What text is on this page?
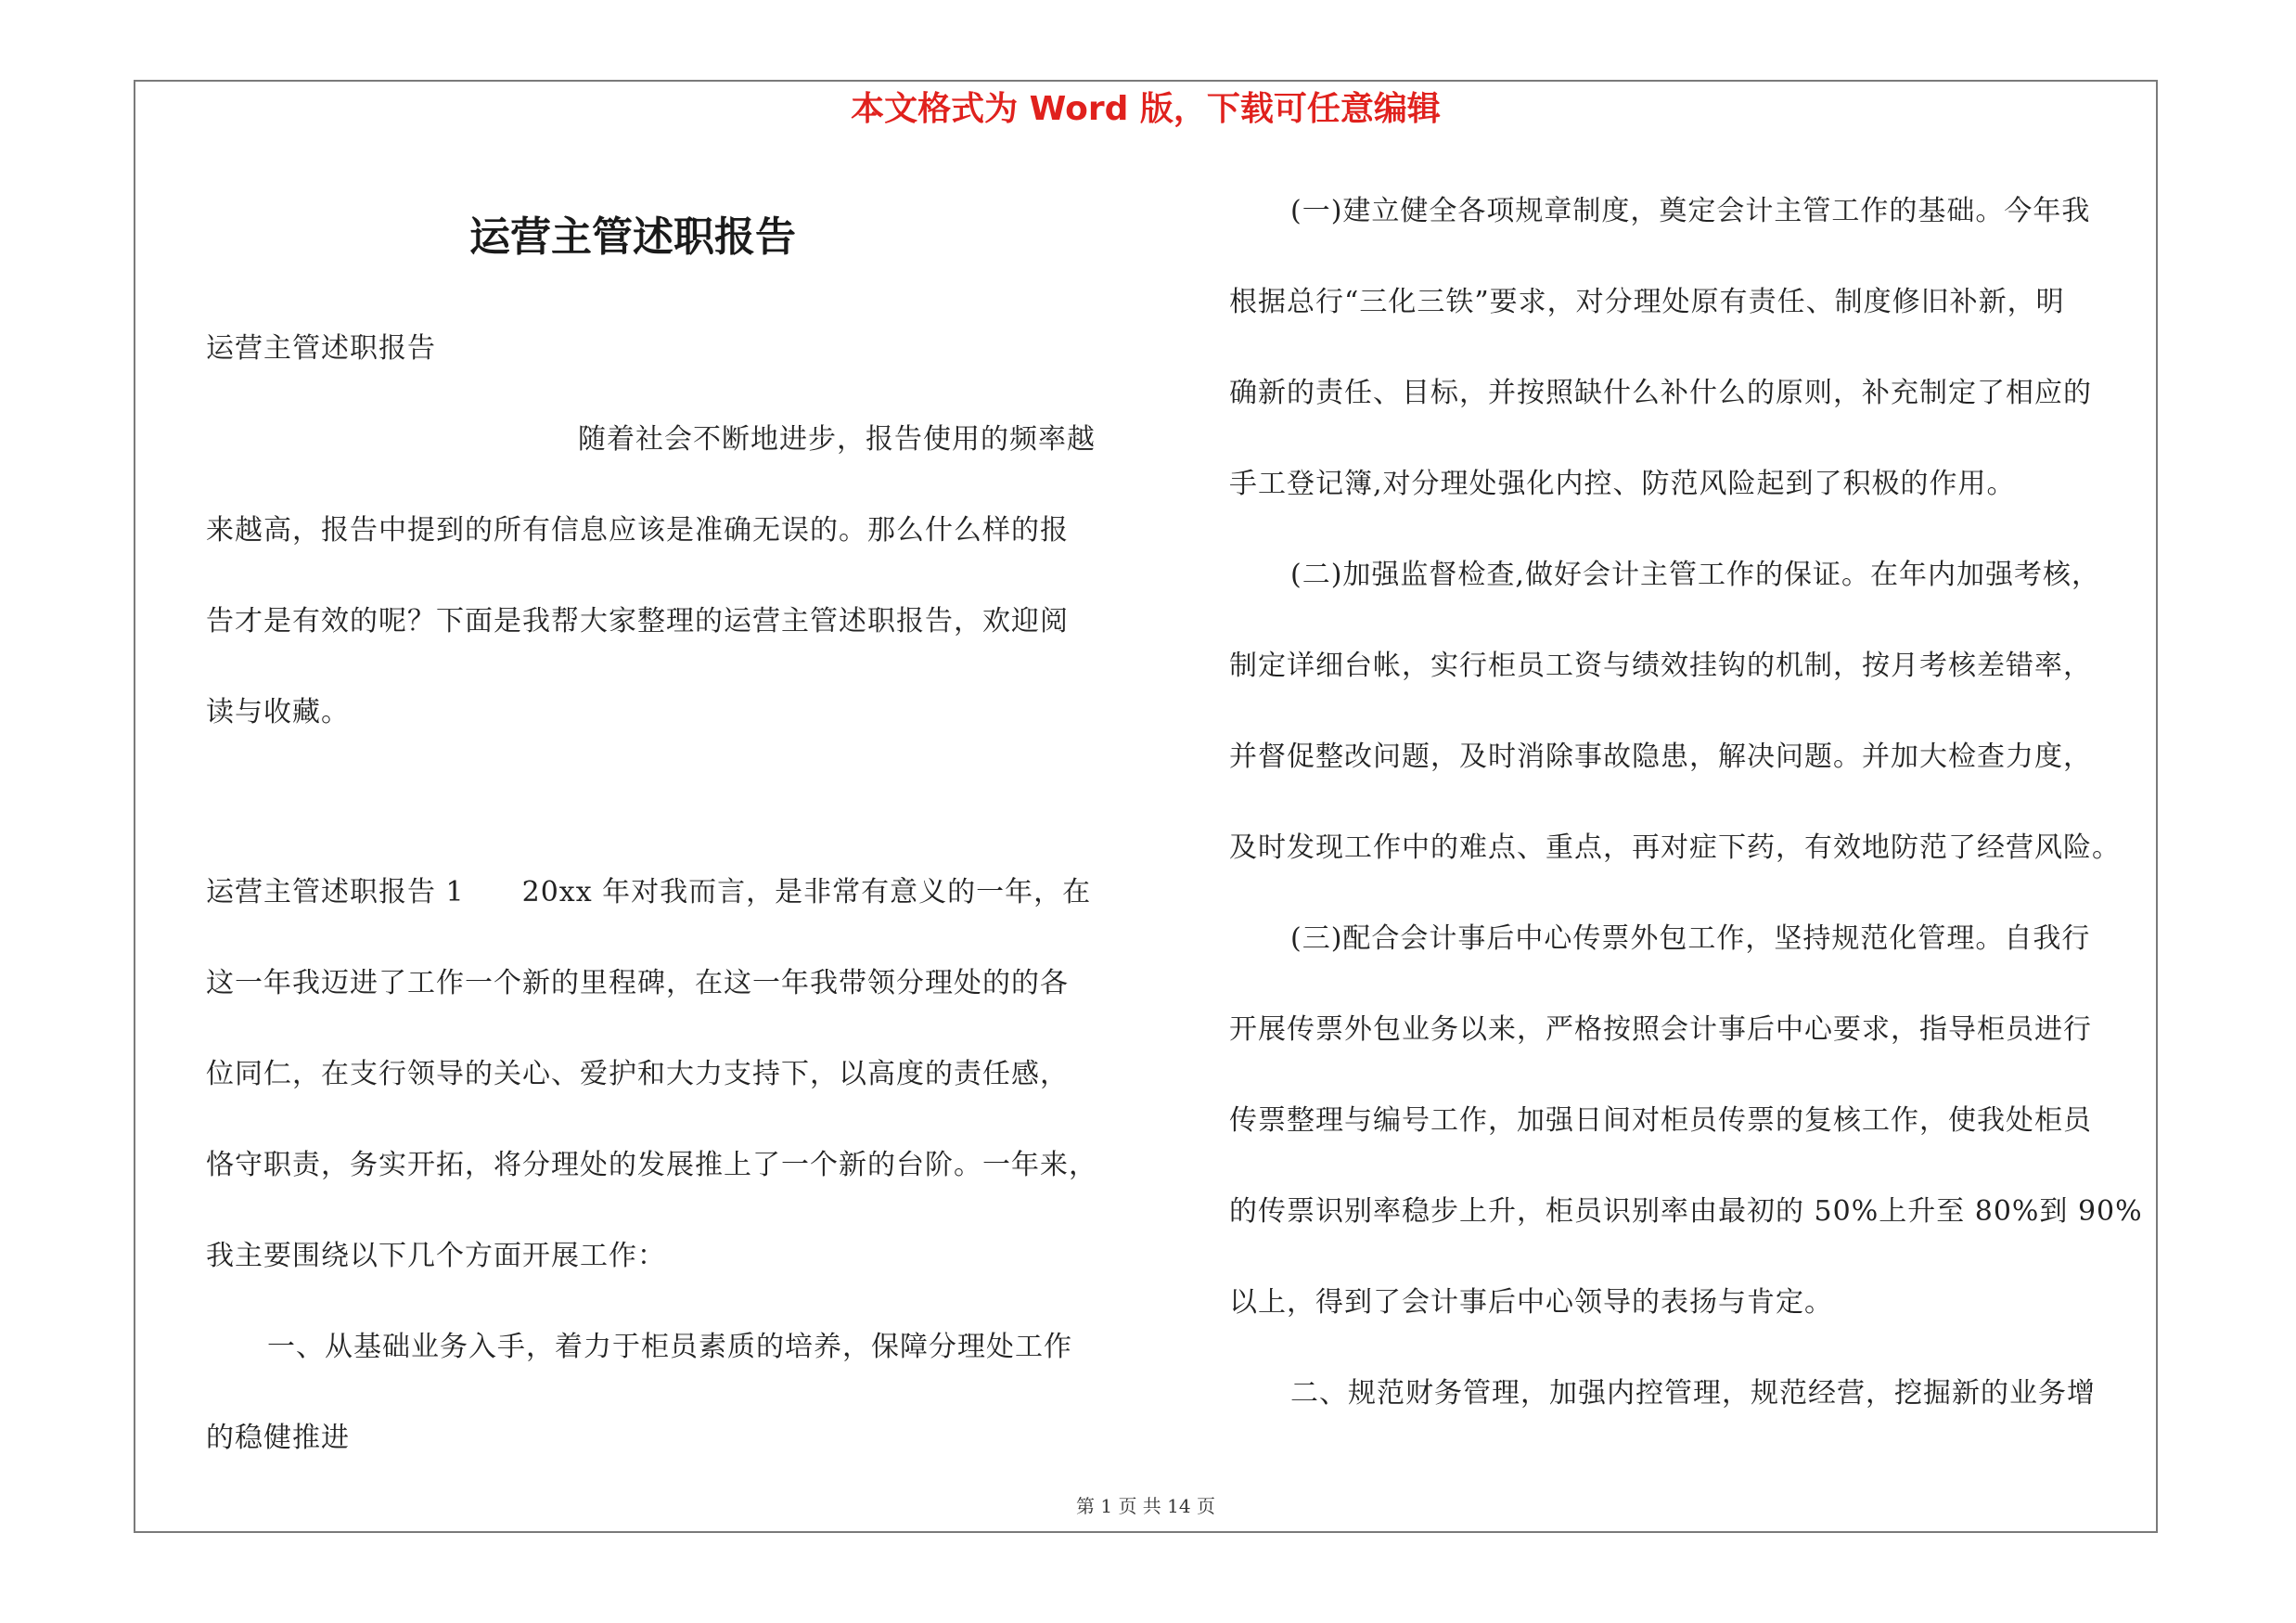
本文格式为 Word 版，下载可任意编辑
运营主管述职报告
运营主管述职报告
随着社会不断地进步，报告使用的频率越
来越高，报告中提到的所有信息应该是准确无误的。那么什么样的报
告才是有效的呢？下面是我帮大家整理的运营主管述职报告，欢迎阅
读与收藏。
运营主管述职报告 1　　20xx 年对我而言，是非常有意义的一年，在
这一年我迈进了工作一个新的里程碑，在这一年我带领分理处的的各
位同仁，在支行领导的关心、爱护和大力支持下，以高度的责任感，
恪守职责，务实开拓，将分理处的发展推上了一个新的台阶。一年来，
我主要围绕以下几个方面开展工作：
一、从基础业务入手，着力于柜员素质的培养，保障分理处工作
的稳健推进
(一)建立健全各项规章制度，奠定会计主管工作的基础。今年我
根据总行“三化三铁”要求，对分理处原有责任、制度修旧补新，明
确新的责任、目标，并按照缺什么补什么的原则，补充制定了相应的
手工登记簿,对分理处强化内控、防范风险起到了积极的作用。
(二)加强监督检查,做好会计主管工作的保证。在年内加强考核，
制定详细台帐，实行柜员工资与绩效挂钩的机制，按月考核差错率，
并督促整改问题，及时消除事故隐患，解决问题。并加大检查力度，
及时发现工作中的难点、重点，再对症下药，有效地防范了经营风险。
(三)配合会计事后中心传票外包工作，坚持规范化管理。自我行
开展传票外包业务以来，严格按照会计事后中心要求，指导柜员进行
传票整理与编号工作，加强日间对柜员传票的复核工作，使我处柜员
的传票识别率稳步上升，柜员识别率由最初的 50%上升至 80%到 90%
以上，得到了会计事后中心领导的表扬与肯定。
二、规范财务管理，加强内控管理，规范经营，挖掘新的业务增
第 1 页 共 14 页
